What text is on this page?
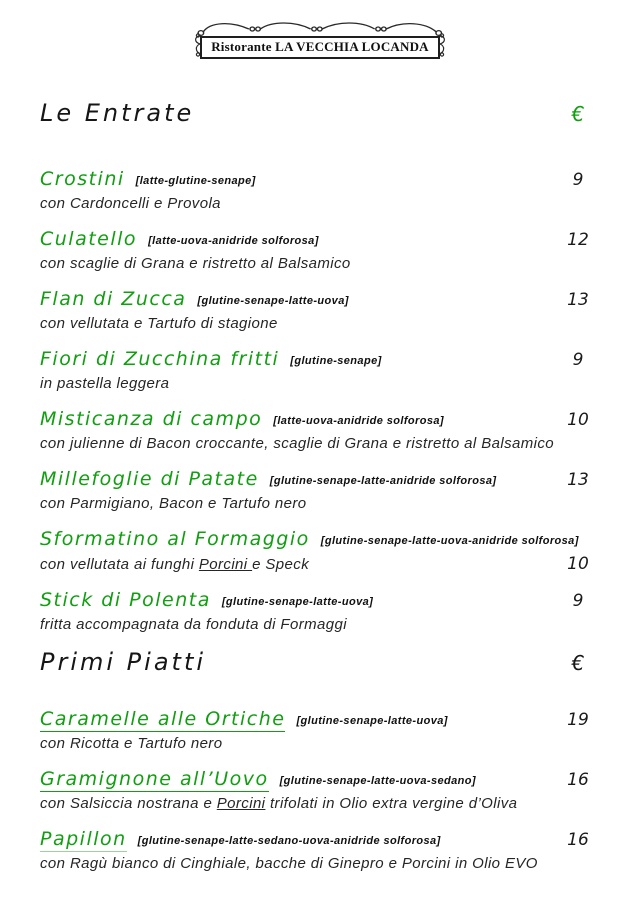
Ristorante LA VECCHIA LOCANDA
Le Entrate	€
Crostini [latte-glutine-senape]	9
con Cardoncelli e Provola
Culatello [latte-uova-anidride solforosa]	12
con scaglie di Grana e ristretto al Balsamico
Flan di Zucca [glutine-senape-latte-uova]	13
con vellutata e Tartufo di stagione
Fiori di Zucchina fritti [glutine-senape]	9
in pastella leggera
Misticanza di campo [latte-uova-anidride solforosa]	10
con julienne di Bacon croccante, scaglie di Grana e ristretto al Balsamico
Millefoglie di Patate [glutine-senape-latte-anidride solforosa]	13
con Parmigiano, Bacon e Tartufo nero
Sformatino al Formaggio [glutine-senape-latte-uova-anidride solforosa]
con vellutata ai funghi Porcini e Speck	10
Stick di Polenta [glutine-senape-latte-uova]	9
fritta accompagnata da fonduta di Formaggi
Primi Piatti	€
Caramelle alle Ortiche [glutine-senape-latte-uova]	19
con Ricotta e Tartufo nero
Gramignone all’Uovo [glutine-senape-latte-uova-sedano]	16
con Salsiccia nostrana e Porcini trifolati in Olio extra vergine d’Oliva
Papillon [glutine-senape-latte-sedano-uova-anidride solforosa]	16
con Ragù bianco di Cinghiale, bacche di Ginepro e Porcini in Olio EVO
